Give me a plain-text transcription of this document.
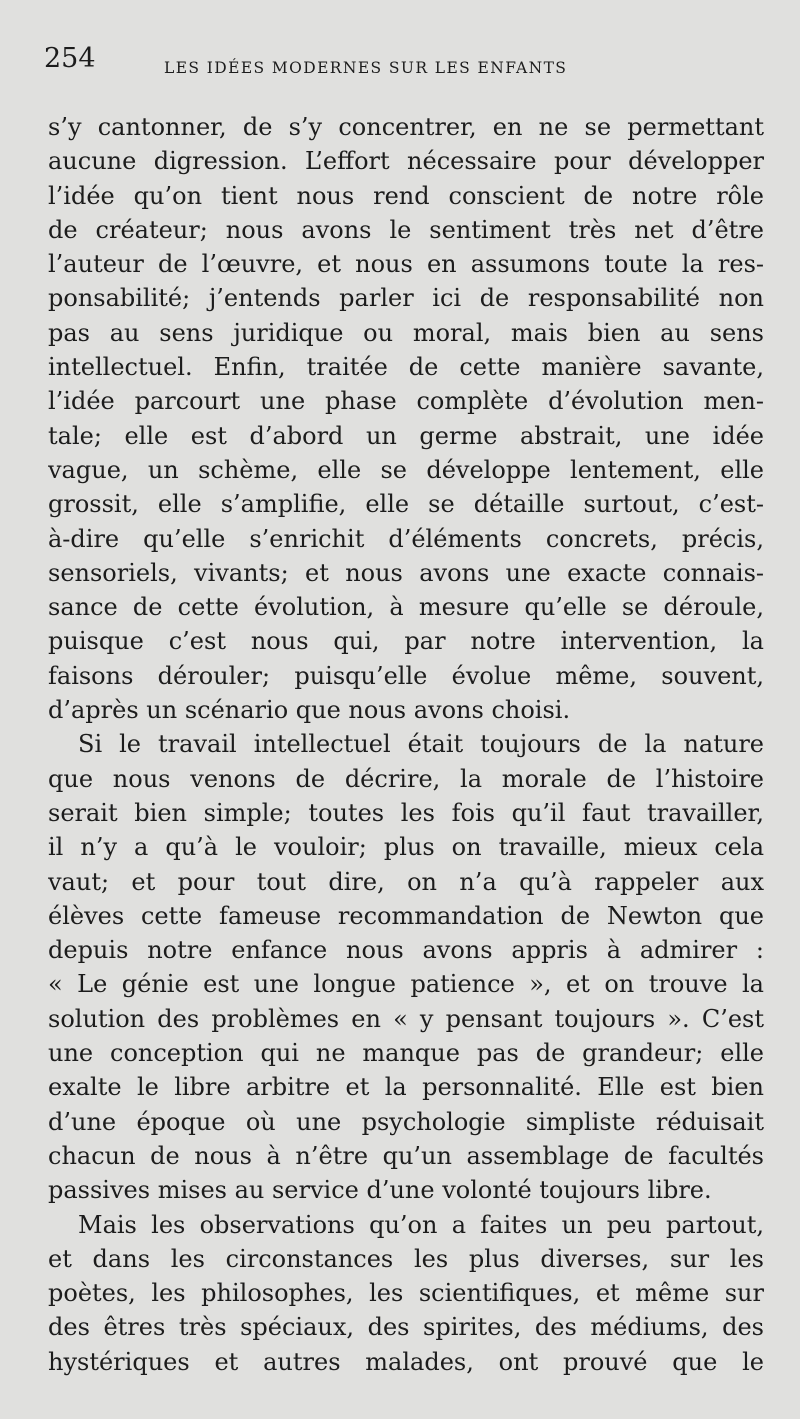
254	LES IDÉES MODERNES SUR LES ENFANTS
s’y cantonner, de s’y concentrer, en ne se permettant
aucune digression. L’effort nécessaire pour développer
l’idée qu’on tient nous rend conscient de notre rôle
de créateur; nous avons le sentiment très net d’être
l’auteur de l’œuvre, et nous en assumons toute la res-
ponsabilité; j’entends parler ici de responsabilité non
pas au sens juridique ou moral, mais bien au sens
intellectuel. Enfin, traitée de cette manière savante,
l’idée parcourt une phase complète d’évolution men-
tale; elle est d’abord un germe abstrait, une idée
vague, un schème, elle se développe lentement, elle
grossit, elle s’amplifie, elle se détaille surtout, c’est-
à-dire qu’elle s’enrichit d’éléments concrets, précis,
sensoriels, vivants; et nous avons une exacte connais-
sance de cette évolution, à mesure qu’elle se déroule,
puisque c’est nous qui, par notre intervention, la
faisons dérouler; puisqu’elle évolue même, souvent,
d’après un scénario que nous avons choisi.
Si le travail intellectuel était toujours de la nature
que nous venons de décrire, la morale de l’histoire
serait bien simple; toutes les fois qu’il faut travailler,
il n’y a qu’à le vouloir; plus on travaille, mieux cela
vaut; et pour tout dire, on n’a qu’à rappeler aux
élèves cette fameuse recommandation de Newton que
depuis notre enfance nous avons appris à admirer :
« Le génie est une longue patience », et on trouve la
solution des problèmes en « y pensant toujours ». C’est
une conception qui ne manque pas de grandeur; elle
exalte le libre arbitre et la personnalité. Elle est bien
d’une époque où une psychologie simpliste réduisait
chacun de nous à n’être qu’un assemblage de facultés
passives mises au service d’une volonté toujours libre.
Mais les observations qu’on a faites un peu partout,
et dans les circonstances les plus diverses, sur les
poètes, les philosophes, les scientifiques, et même sur
des êtres très spéciaux, des spirites, des médiums, des
hystériques et autres malades, ont prouvé que le
